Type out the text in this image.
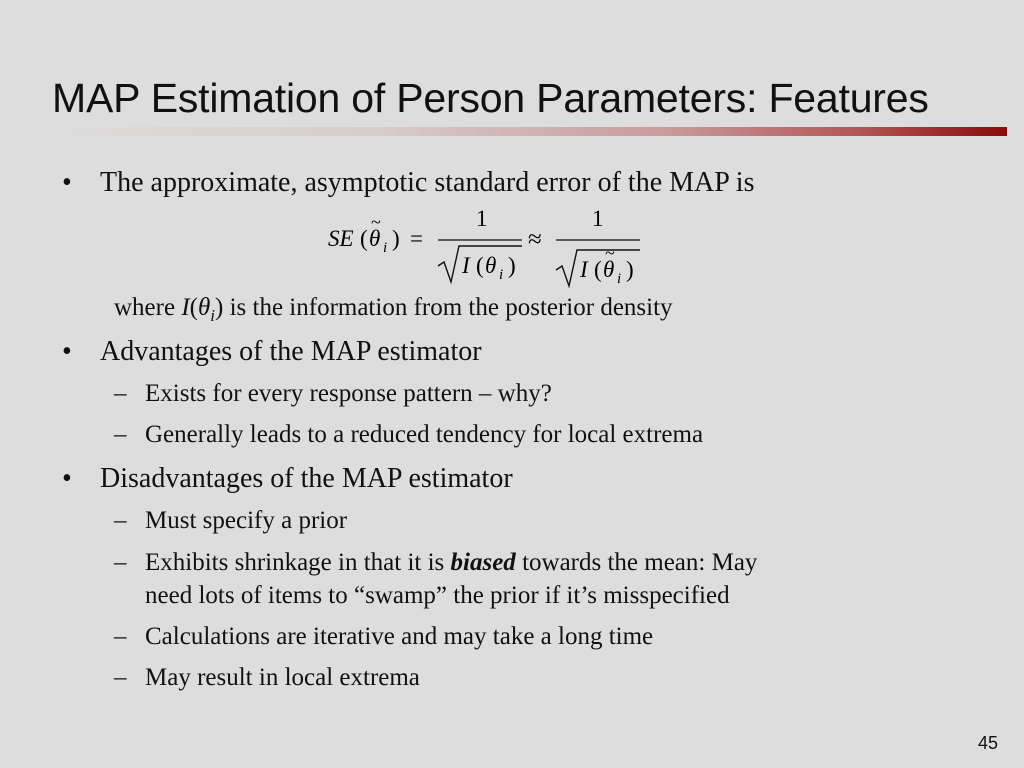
MAP Estimation of Person Parameters: Features
• The approximate, asymptotic standard error of the MAP is
SE ( θ
~
i ) =
1
I ( θ i )
≈
1
I ( θ
~
i )
where $I(\theta_i)$ is the information from the posterior density
• Advantages of the MAP estimator
– Exists for every response pattern – why?
– Generally leads to a reduced tendency for local extrema
• Disadvantages of the MAP estimator
– Must specify a prior
– Exhibits shrinkage in that it is biased towards the mean: May
need lots of items to “swamp” the prior if it’s misspecified
– Calculations are iterative and may take a long time
– May result in local extrema
45
